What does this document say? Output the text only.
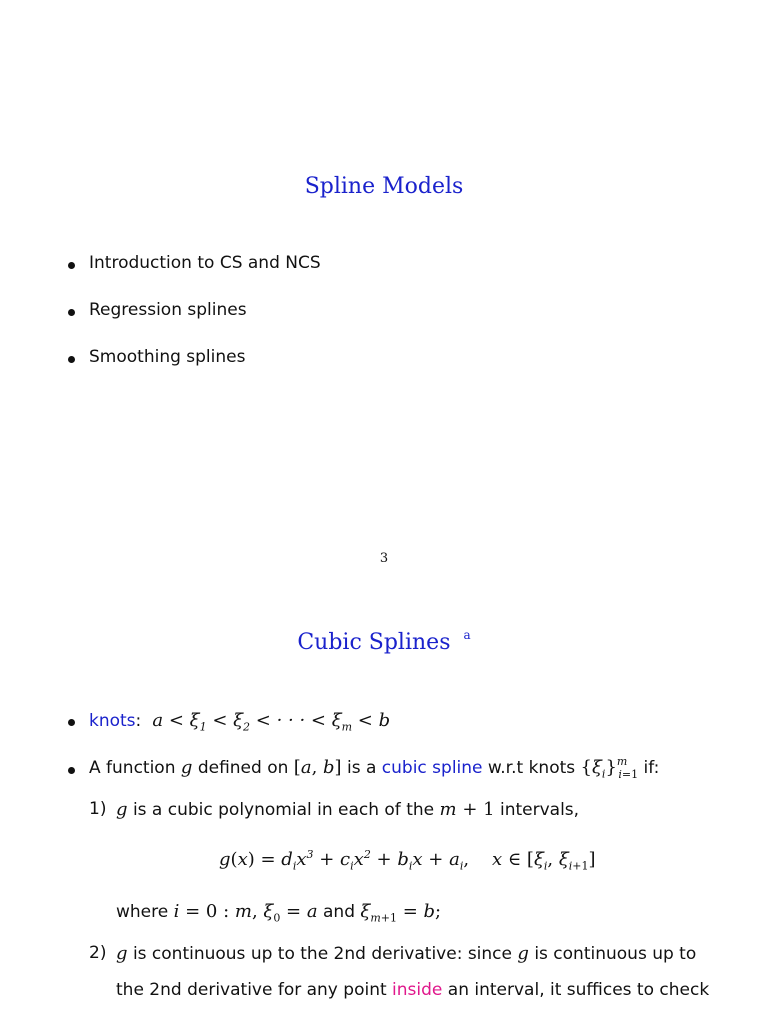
Spline Models
Introduction to CS and NCS
Regression splines
Smoothing splines
3
Cubic Splines $^a$
knots:  $a < \xi_1 < \xi_2$ < · · · < $\xi_m < b$
A function g defined on [a, b] is a cubic spline w.r.t knots $\{\xi_i\}^m_{i=1}$ if:
1) g is a cubic polynomial in each of the m + 1 intervals,
$g(x) = d_ix^3 + c_ix^2 + b_ix + a_i$,    x ∈ [$\xi_i$, $\xi_{i+1}$]
where i = 0 : m, $\xi_0 = a$ and $\xi_{m+1} = b$;
2) g is continuous up to the 2nd derivative: since g is continuous up to
the 2nd derivative for any point inside an interval, it suffices to check
